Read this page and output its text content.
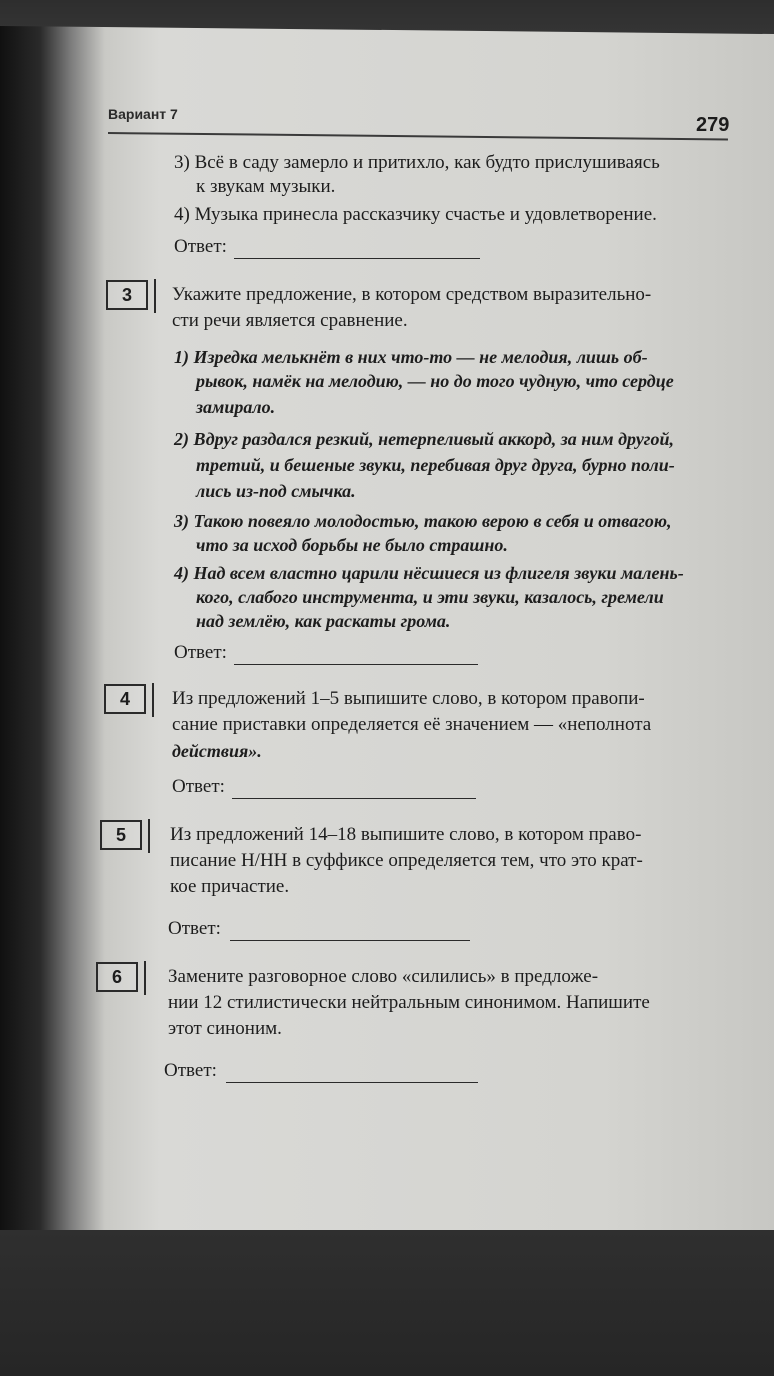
Вариант 7	279
3) Всё в саду замерло и притихло, как будто прислушиваясь
к звукам музыки.
4) Музыка принесла рассказчику счастье и удовлетворение.
Ответ:
3	Укажите предложение, в котором средством выразительно-
сти речи является сравнение.
1) Изредка мелькнёт в них что-то — не мелодия, лишь об-
рывок, намёк на мелодию, — но до того чудную, что сердце
замирало.
2) Вдруг раздался резкий, нетерпеливый аккорд, за ним другой,
третий, и бешеные звуки, перебивая друг друга, бурно поли-
лись из-под смычка.
3) Такою повеяло молодостью, такою верою в себя и отвагою,
что за исход борьбы не было страшно.
4) Над всем властно царили нёсшиеся из флигеля звуки малень-
кого, слабого инструмента, и эти звуки, казалось, гремели
над землёю, как раскаты грома.
Ответ:
4	Из предложений 1–5 выпишите слово, в котором правопи-
сание приставки определяется её значением — «неполнота
действия».
Ответ:
5	Из предложений 14–18 выпишите слово, в котором право-
писание Н/НН в суффиксе определяется тем, что это крат-
кое причастие.
Ответ:
6	Замените разговорное слово «силились» в предложе-
нии 12 стилистически нейтральным синонимом. Напишите
этот синоним.
Ответ:
